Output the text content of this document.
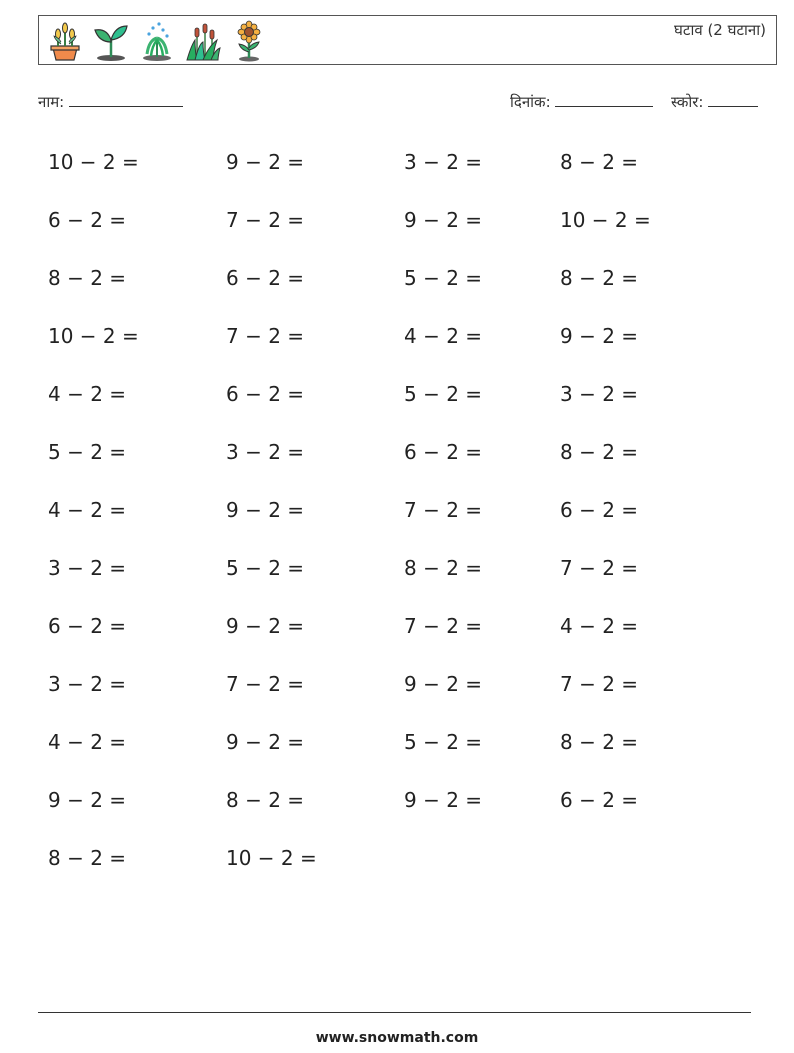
घटाव (2 घटाना)
नाम:	दिनांक:	स्कोर:
10 − 2 =	9 − 2 =	3 − 2 =	8 − 2 =
6 − 2 =	7 − 2 =	9 − 2 =	10 − 2 =
8 − 2 =	6 − 2 =	5 − 2 =	8 − 2 =
10 − 2 =	7 − 2 =	4 − 2 =	9 − 2 =
4 − 2 =	6 − 2 =	5 − 2 =	3 − 2 =
5 − 2 =	3 − 2 =	6 − 2 =	8 − 2 =
4 − 2 =	9 − 2 =	7 − 2 =	6 − 2 =
3 − 2 =	5 − 2 =	8 − 2 =	7 − 2 =
6 − 2 =	9 − 2 =	7 − 2 =	4 − 2 =
3 − 2 =	7 − 2 =	9 − 2 =	7 − 2 =
4 − 2 =	9 − 2 =	5 − 2 =	8 − 2 =
9 − 2 =	8 − 2 =	9 − 2 =	6 − 2 =
8 − 2 =	10 − 2 =
www.snowmath.com
